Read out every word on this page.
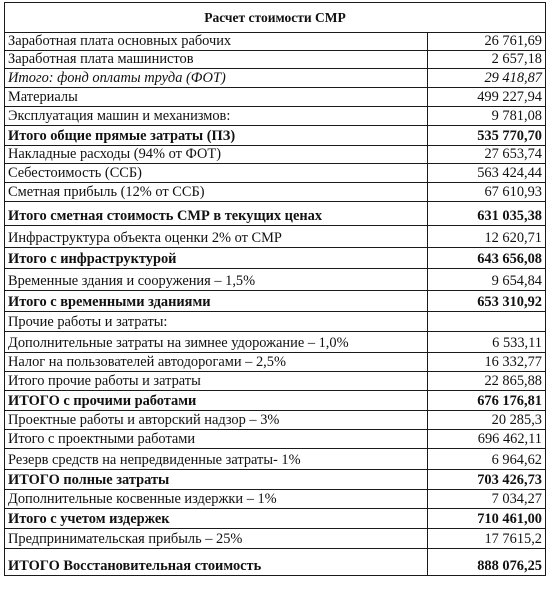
Расчет стоимости СМР	
Заработная плата основных рабочих	26 761,69
Заработная плата машинистов	2 657,18
Итого: фонд оплаты труда (ФОТ)	29 418,87
Материалы	499 227,94
Эксплуатация машин и механизмов:	9 781,08
Итого общие прямые затраты (ПЗ)	535 770,70
Накладные расходы (94% от ФОТ)	27 653,74
Себестоимость (ССБ)	563 424,44
Сметная прибыль (12% от ССБ)	67 610,93
Итого сметная стоимость СМР в текущих ценах	631 035,38
Инфраструктура объекта оценки 2% от СМР	12 620,71
Итого с инфраструктурой	643 656,08
Временные здания и сооружения – 1,5%	9 654,84
Итого с временными зданиями	653 310,92
Прочие работы и затраты:	
Дополнительные затраты на зимнее удорожание – 1,0%	6 533,11
Налог на пользователей автодорогами – 2,5%	16 332,77
Итого прочие работы и затраты	22 865,88
ИТОГО с прочими работами	676 176,81
Проектные работы и авторский надзор – 3%	20 285,3
Итого с проектными работами	696 462,11
Резерв средств на непредвиденные затраты- 1%	6 964,62
ИТОГО полные затраты	703 426,73
Дополнительные косвенные издержки – 1%	7 034,27
Итого с учетом издержек	710 461,00
Предпринимательская прибыль – 25%	17 7615,2
ИТОГО Восстановительная стоимость	888 076,25
